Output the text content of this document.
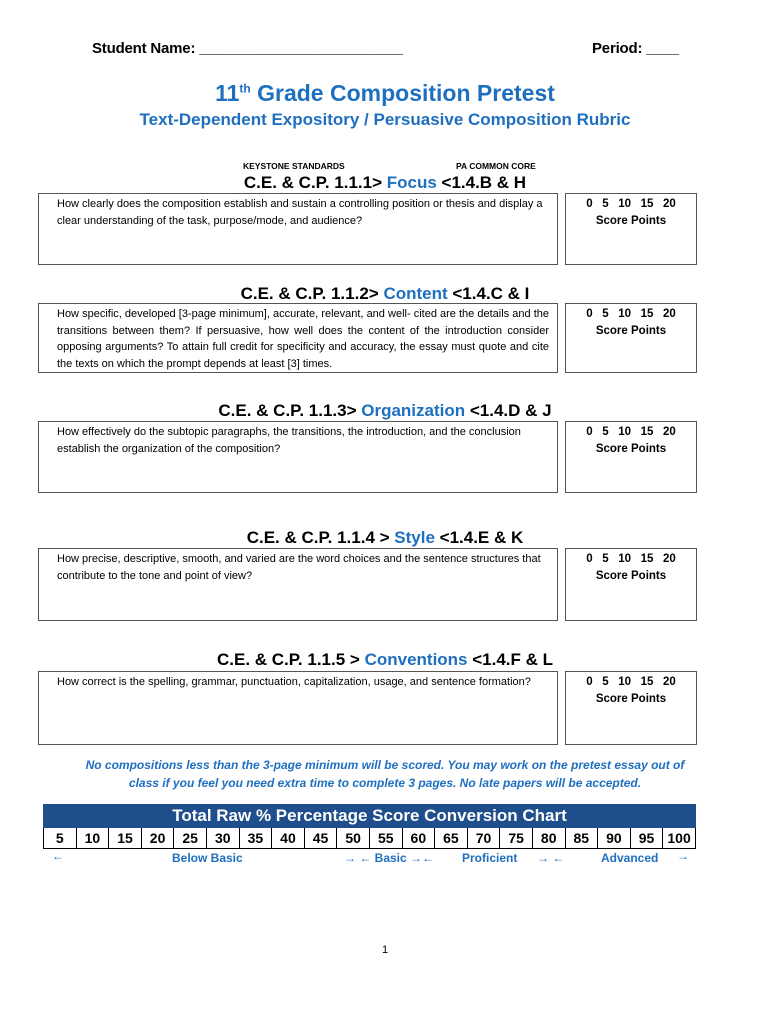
Student Name: _________________________	Period: ____
11th Grade Composition Pretest
Text-Dependent Expository / Persuasive Composition Rubric
KEYSTONE STANDARDS	PA COMMON CORE
C.E. & C.P. 1.1.1> Focus <1.4.B & H
How clearly does the composition establish and sustain a controlling position or thesis and display a clear understanding of the task, purpose/mode, and audience?
0   5   10   15   20
Score Points
C.E. & C.P. 1.1.2> Content <1.4.C & I
How specific, developed [3-page minimum], accurate, relevant, and well- cited are the details and the transitions between them? If persuasive, how well does the content of the introduction consider opposing arguments? To attain full credit for specificity and accuracy, the essay must quote and cite the texts on which the prompt depends at least [3] times.
0   5   10   15   20
Score Points
C.E. & C.P. 1.1.3> Organization <1.4.D & J
How effectively do the subtopic paragraphs, the transitions, the introduction, and the conclusion establish the organization of the composition?
0   5   10   15   20
Score Points
C.E. & C.P. 1.1.4 > Style <1.4.E & K
How precise, descriptive, smooth, and varied are the word choices and the sentence structures that contribute to the tone and point of view?
0   5   10   15   20
Score Points
C.E. & C.P. 1.1.5 > Conventions <1.4.F & L
How correct is the spelling, grammar, punctuation, capitalization, usage, and sentence formation?	0   5   10   15   20
Score Points
No compositions less than the 3-page minimum will be scored. You may work on the pretest essay out of
class if you feel you need extra time to complete 3 pages. No late papers will be accepted.
Total Raw % Percentage Score Conversion Chart
5	10	15	20	25	30	35	40	45	50	55	60	65	70	75	80	85	90	95 100
←	Below Basic	→ ← Basic →← Proficient → ←	Advanced →
1
